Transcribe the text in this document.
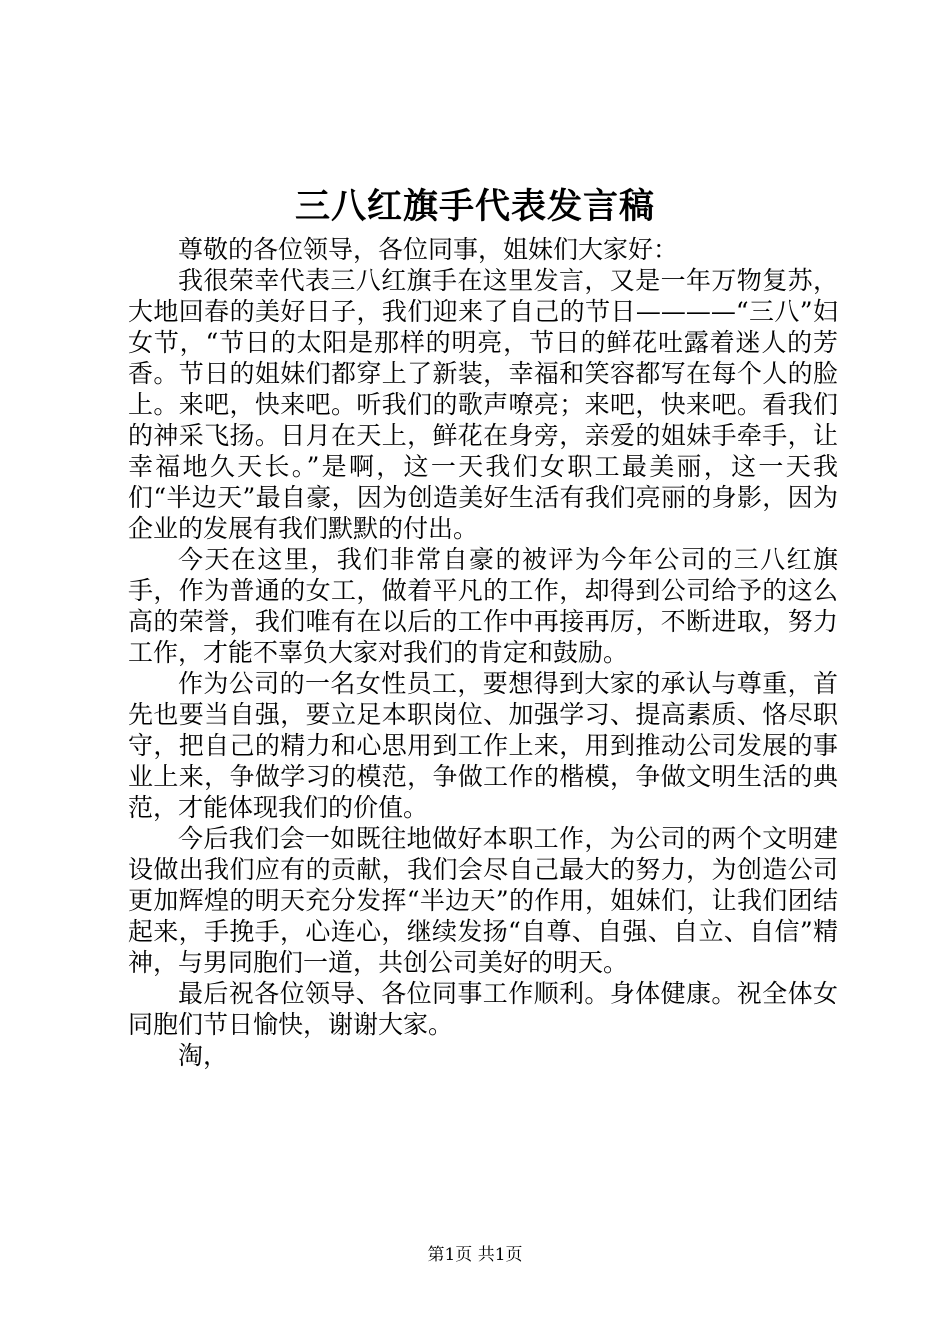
三八红旗手代表发言稿

尊敬的各位领导，各位同事，姐妹们大家好：

我很荣幸代表三八红旗手在这里发言，又是一年万物复苏，大地回春的美好日子，我们迎来了自己的节日————“三八”妇女节，“节日的太阳是那样的明亮，节日的鲜花吐露着迷人的芳香。节日的姐妹们都穿上了新装，幸福和笑容都写在每个人的脸上。来吧，快来吧。听我们的歌声嘹亮；来吧，快来吧。看我们的神采飞扬。日月在天上，鲜花在身旁，亲爱的姐妹手牵手，让幸福地久天长。”是啊，这一天我们女职工最美丽，这一天我们“半边天”最自豪，因为创造美好生活有我们亮丽的身影，因为企业的发展有我们默默的付出。

今天在这里，我们非常自豪的被评为今年公司的三八红旗手，作为普通的女工，做着平凡的工作，却得到公司给予的这么高的荣誉，我们唯有在以后的工作中再接再厉，不断进取，努力工作，才能不辜负大家对我们的肯定和鼓励。

作为公司的一名女性员工，要想得到大家的承认与尊重，首先也要当自强，要立足本职岗位、加强学习、提高素质、恪尽职守，把自己的精力和心思用到工作上来，用到推动公司发展的事业上来，争做学习的模范，争做工作的楷模，争做文明生活的典范，才能体现我们的价值。

今后我们会一如既往地做好本职工作，为公司的两个文明建设做出我们应有的贡献，我们会尽自己最大的努力，为创造公司更加辉煌的明天充分发挥“半边天”的作用，姐妹们，让我们团结起来，手挽手，心连心，继续发扬“自尊、自强、自立、自信”精神，与男同胞们一道，共创公司美好的明天。

最后祝各位领导、各位同事工作顺利。身体健康。祝全体女同胞们节日愉快，谢谢大家。

淘，

第1页 共1页
